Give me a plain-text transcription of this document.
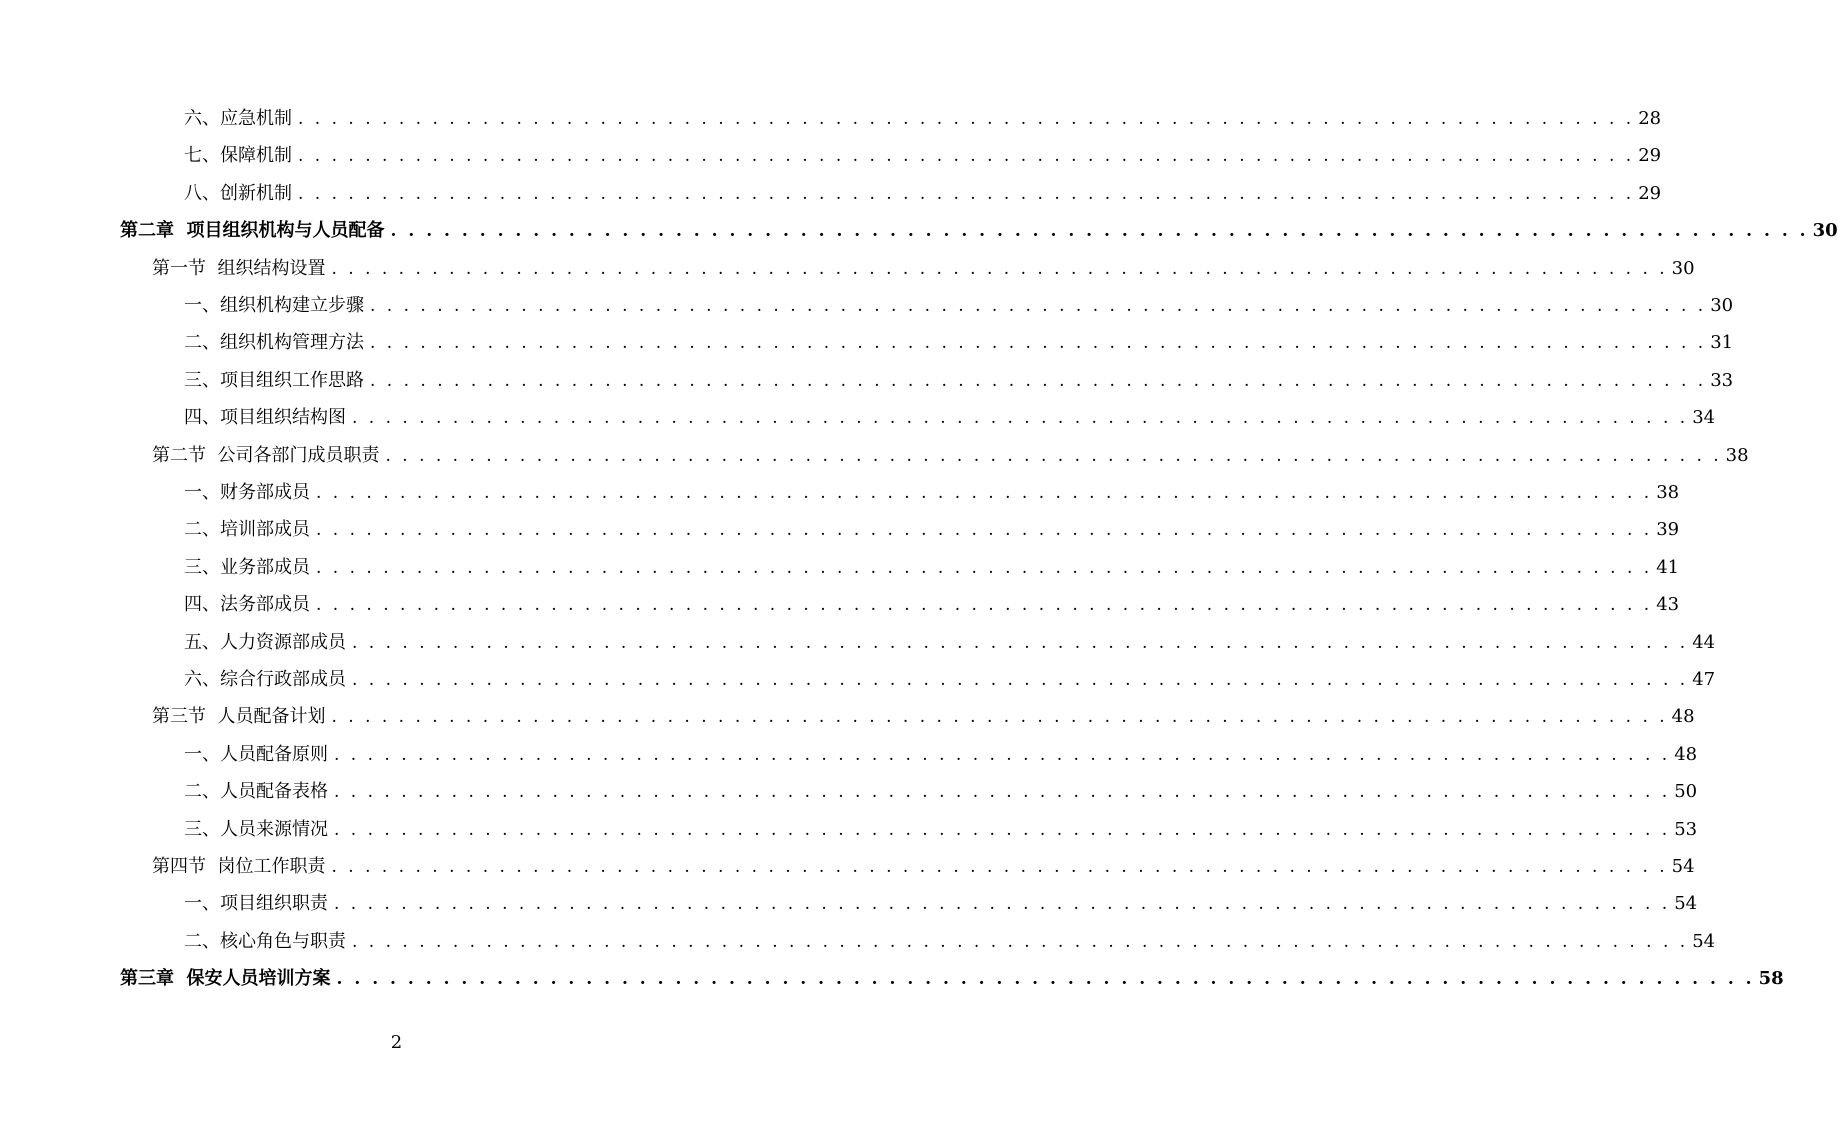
六、应急机制 . . . . . . . . . . . . . . . . . . . . . . . . . . . . . . . . . . . . . . . . . . . . . . . . . . . . . . . . . . . . . . . . . . . . . . . . . . . . . . . . 28
七、保障机制 . . . . . . . . . . . . . . . . . . . . . . . . . . . . . . . . . . . . . . . . . . . . . . . . . . . . . . . . . . . . . . . . . . . . . . . . . . . . . . . . 29
八、创新机制 . . . . . . . . . . . . . . . . . . . . . . . . . . . . . . . . . . . . . . . . . . . . . . . . . . . . . . . . . . . . . . . . . . . . . . . . . . . . . . . . 29
第二章  项目组织机构与人员配备 . . . . . . . . . . . . . . . . . . . . . . . . . . . . . . . . . . . . . . . . . . . . . . . . . . . . . . . . . . . . . . . . . . . . . . . . . . . . . . . . 30
第一节  组织结构设置 . . . . . . . . . . . . . . . . . . . . . . . . . . . . . . . . . . . . . . . . . . . . . . . . . . . . . . . . . . . . . . . . . . . . . . . . . . . . . . . . 30
一、组织机构建立步骤 . . . . . . . . . . . . . . . . . . . . . . . . . . . . . . . . . . . . . . . . . . . . . . . . . . . . . . . . . . . . . . . . . . . . . . . . . . . . . . . . 30
二、组织机构管理方法 . . . . . . . . . . . . . . . . . . . . . . . . . . . . . . . . . . . . . . . . . . . . . . . . . . . . . . . . . . . . . . . . . . . . . . . . . . . . . . . . 31
三、项目组织工作思路 . . . . . . . . . . . . . . . . . . . . . . . . . . . . . . . . . . . . . . . . . . . . . . . . . . . . . . . . . . . . . . . . . . . . . . . . . . . . . . . . 33
四、项目组织结构图 . . . . . . . . . . . . . . . . . . . . . . . . . . . . . . . . . . . . . . . . . . . . . . . . . . . . . . . . . . . . . . . . . . . . . . . . . . . . . . . . 34
第二节  公司各部门成员职责 . . . . . . . . . . . . . . . . . . . . . . . . . . . . . . . . . . . . . . . . . . . . . . . . . . . . . . . . . . . . . . . . . . . . . . . . . . . . . . . . 38
一、财务部成员 . . . . . . . . . . . . . . . . . . . . . . . . . . . . . . . . . . . . . . . . . . . . . . . . . . . . . . . . . . . . . . . . . . . . . . . . . . . . . . . . 38
二、培训部成员 . . . . . . . . . . . . . . . . . . . . . . . . . . . . . . . . . . . . . . . . . . . . . . . . . . . . . . . . . . . . . . . . . . . . . . . . . . . . . . . . 39
三、业务部成员 . . . . . . . . . . . . . . . . . . . . . . . . . . . . . . . . . . . . . . . . . . . . . . . . . . . . . . . . . . . . . . . . . . . . . . . . . . . . . . . . 41
四、法务部成员 . . . . . . . . . . . . . . . . . . . . . . . . . . . . . . . . . . . . . . . . . . . . . . . . . . . . . . . . . . . . . . . . . . . . . . . . . . . . . . . . 43
五、人力资源部成员 . . . . . . . . . . . . . . . . . . . . . . . . . . . . . . . . . . . . . . . . . . . . . . . . . . . . . . . . . . . . . . . . . . . . . . . . . . . . . . . . 44
六、综合行政部成员 . . . . . . . . . . . . . . . . . . . . . . . . . . . . . . . . . . . . . . . . . . . . . . . . . . . . . . . . . . . . . . . . . . . . . . . . . . . . . . . . 47
第三节  人员配备计划 . . . . . . . . . . . . . . . . . . . . . . . . . . . . . . . . . . . . . . . . . . . . . . . . . . . . . . . . . . . . . . . . . . . . . . . . . . . . . . . . 48
一、人员配备原则 . . . . . . . . . . . . . . . . . . . . . . . . . . . . . . . . . . . . . . . . . . . . . . . . . . . . . . . . . . . . . . . . . . . . . . . . . . . . . . . . 48
二、人员配备表格 . . . . . . . . . . . . . . . . . . . . . . . . . . . . . . . . . . . . . . . . . . . . . . . . . . . . . . . . . . . . . . . . . . . . . . . . . . . . . . . . 50
三、人员来源情况 . . . . . . . . . . . . . . . . . . . . . . . . . . . . . . . . . . . . . . . . . . . . . . . . . . . . . . . . . . . . . . . . . . . . . . . . . . . . . . . . 53
第四节  岗位工作职责 . . . . . . . . . . . . . . . . . . . . . . . . . . . . . . . . . . . . . . . . . . . . . . . . . . . . . . . . . . . . . . . . . . . . . . . . . . . . . . . . 54
一、项目组织职责 . . . . . . . . . . . . . . . . . . . . . . . . . . . . . . . . . . . . . . . . . . . . . . . . . . . . . . . . . . . . . . . . . . . . . . . . . . . . . . . . 54
二、核心角色与职责 . . . . . . . . . . . . . . . . . . . . . . . . . . . . . . . . . . . . . . . . . . . . . . . . . . . . . . . . . . . . . . . . . . . . . . . . . . . . . . . . 54
第三章  保安人员培训方案 . . . . . . . . . . . . . . . . . . . . . . . . . . . . . . . . . . . . . . . . . . . . . . . . . . . . . . . . . . . . . . . . . . . . . . . . . . . . . . . . 58
2
